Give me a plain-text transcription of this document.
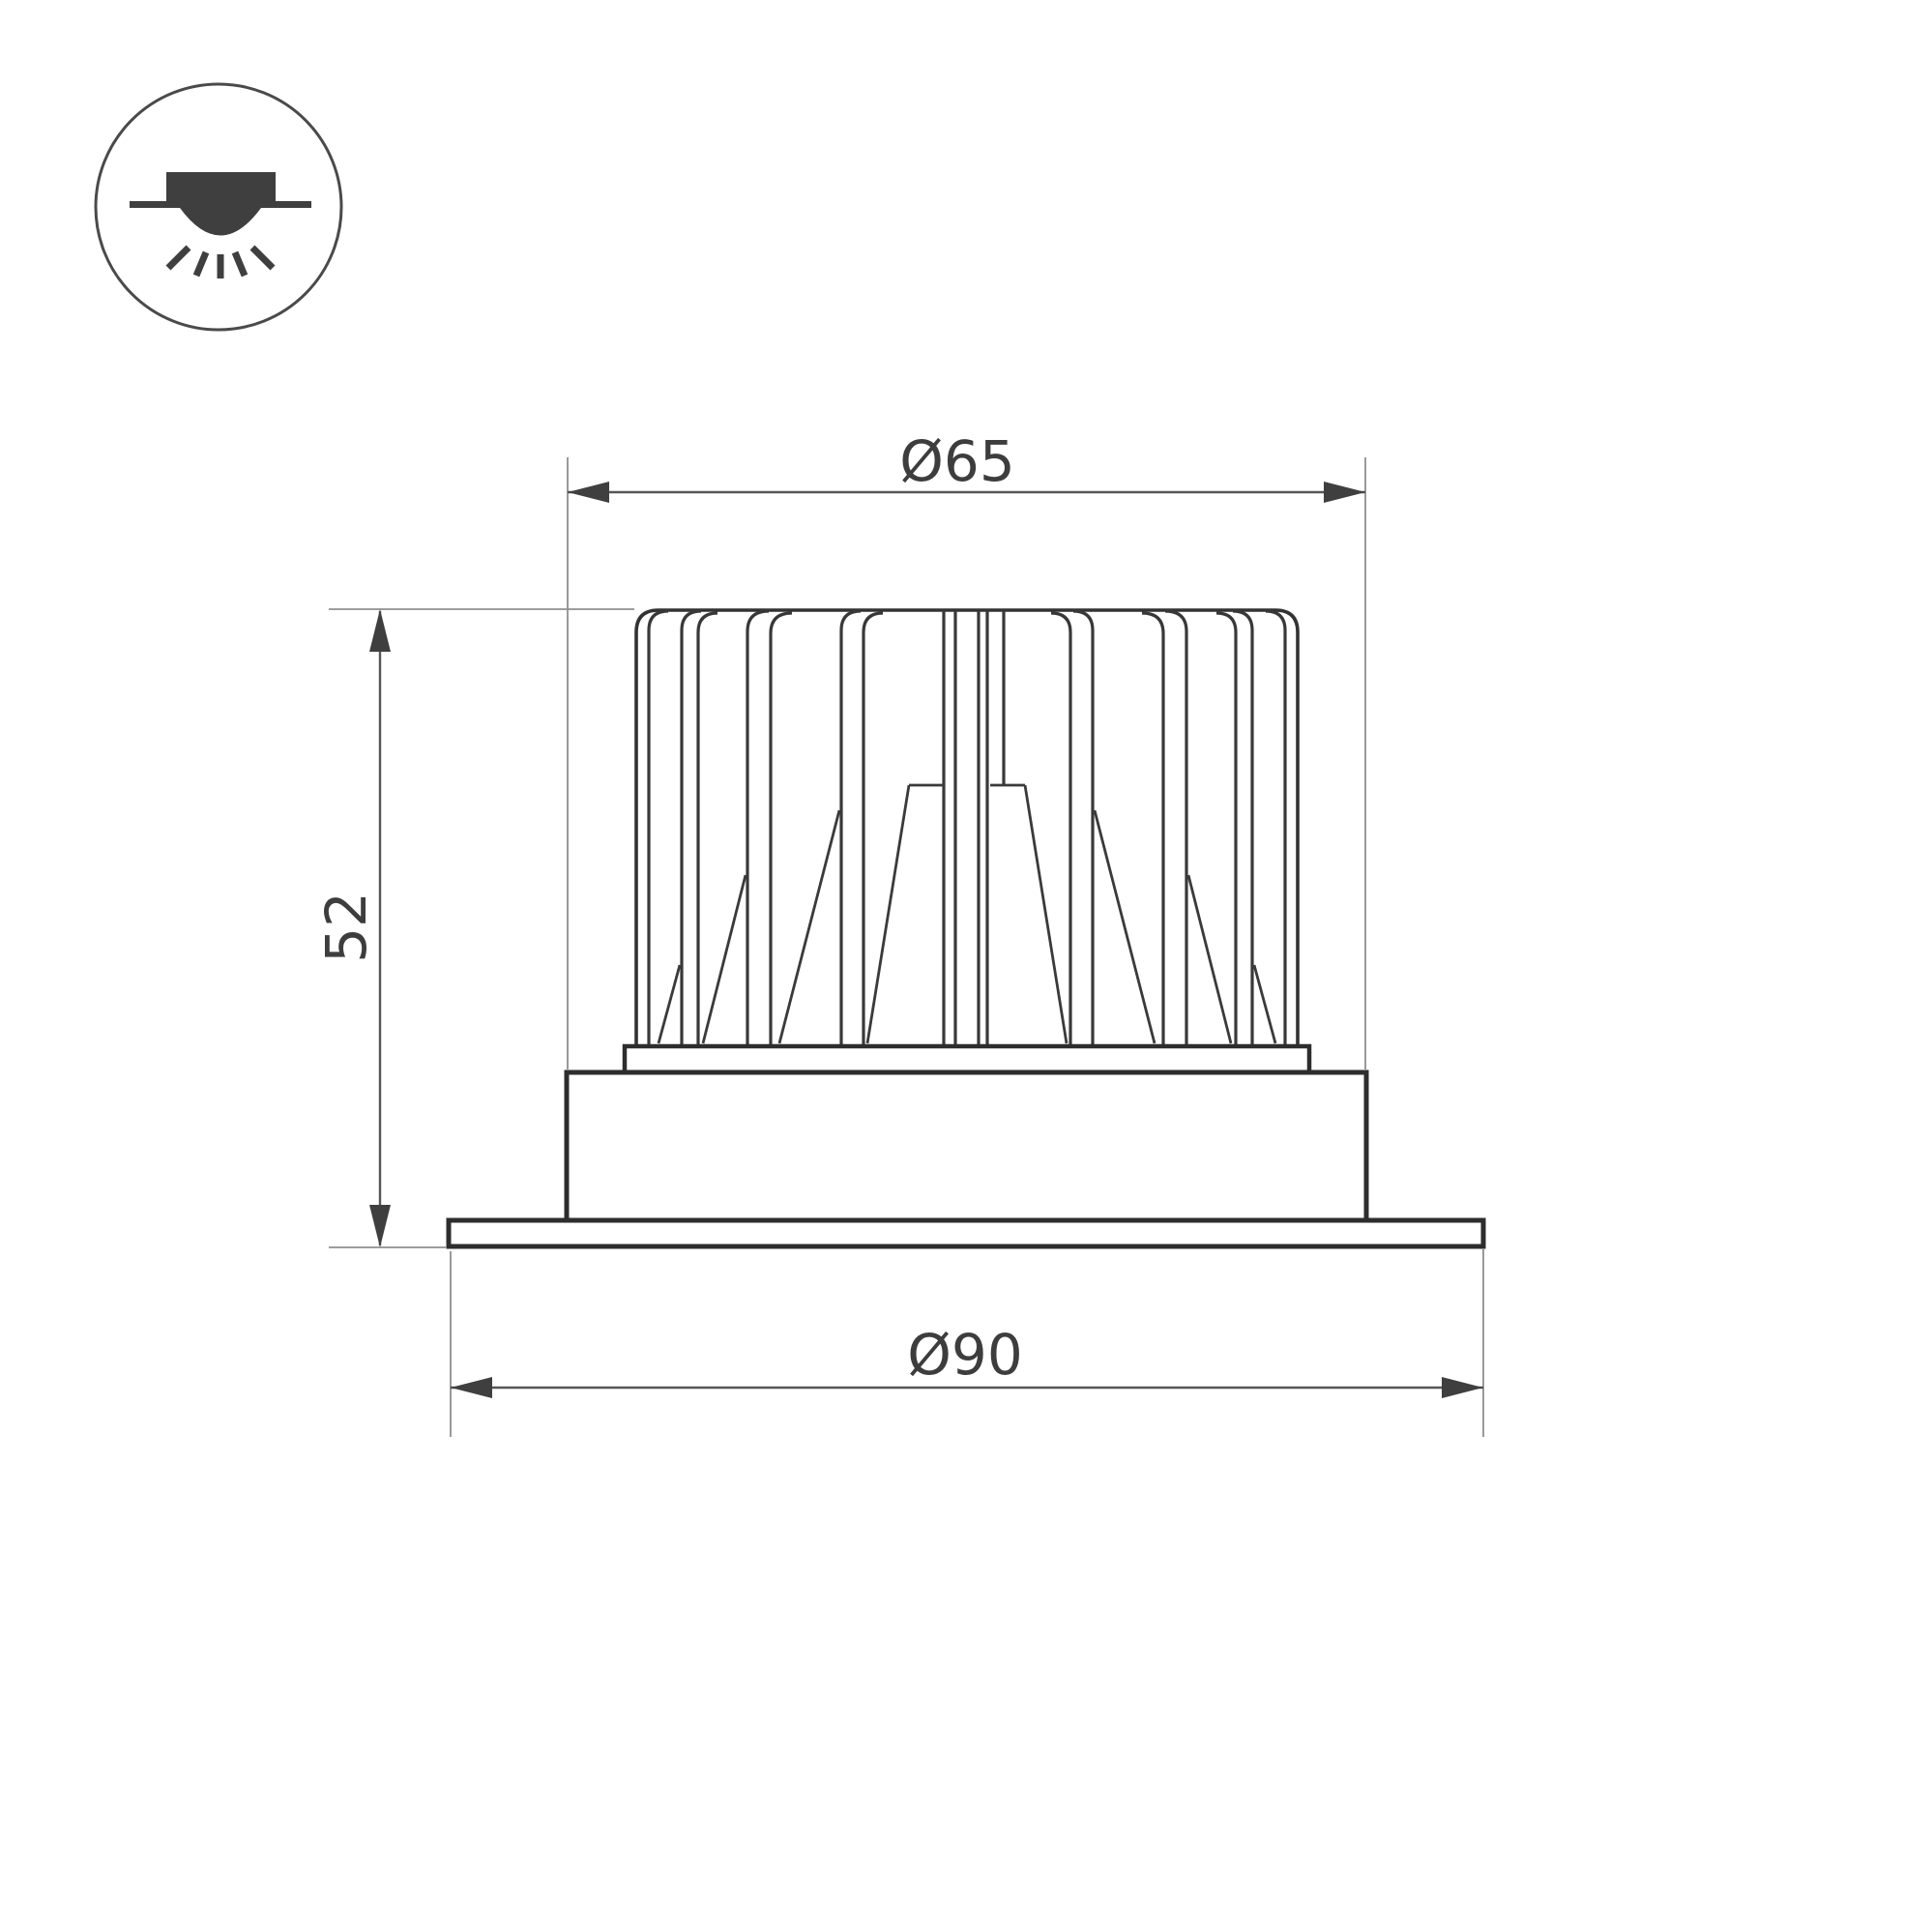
Ø65
52
Ø90
